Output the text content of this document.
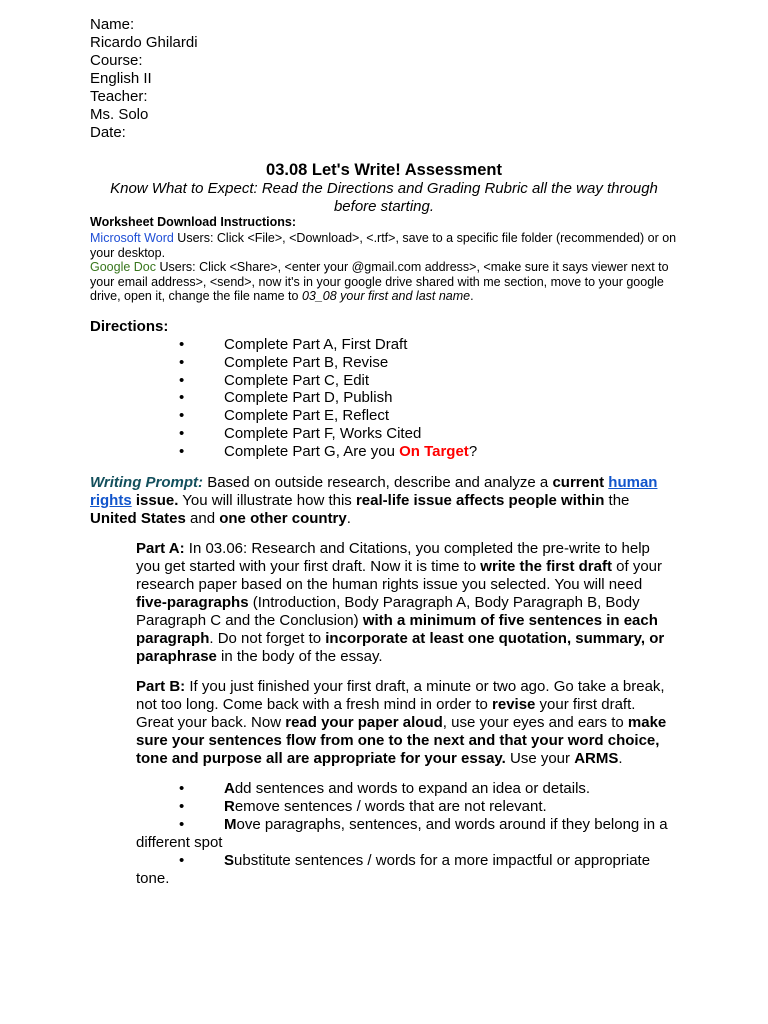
Name:
Ricardo Ghilardi
Course:
English II
Teacher:
Ms. Solo
Date:
03.08 Let's Write! Assessment
Know What to Expect: Read the Directions and Grading Rubric all the way through before starting.
Worksheet Download Instructions:
Microsoft Word Users: Click <File>, <Download>, <.rtf>, save to a specific file folder (recommended) or on your desktop.
Google Doc Users: Click <Share>, <enter your @gmail.com address>, <make sure it says viewer next to your email address>, <send>, now it's in your google drive shared with me section, move to your google drive, open it, change the file name to 03_08 your first and last name.
Directions:
•	Complete Part A, First Draft
•	Complete Part B, Revise
•	Complete Part C, Edit
•	Complete Part D, Publish
•	Complete Part E, Reflect
•	Complete Part F, Works Cited
•	Complete Part G, Are you On Target?
Writing Prompt: Based on outside research, describe and analyze a current human rights issue. You will illustrate how this real-life issue affects people within the United States and one other country.
Part A: In 03.06: Research and Citations, you completed the pre-write to help you get started with your first draft. Now it is time to write the first draft of your research paper based on the human rights issue you selected. You will need five-paragraphs (Introduction, Body Paragraph A, Body Paragraph B, Body Paragraph C and the Conclusion) with a minimum of five sentences in each paragraph. Do not forget to incorporate at least one quotation, summary, or paraphrase in the body of the essay.
Part B: If you just finished your first draft, a minute or two ago. Go take a break, not too long. Come back with a fresh mind in order to revise your first draft. Great your back. Now read your paper aloud, use your eyes and ears to make sure your sentences flow from one to the next and that your word choice, tone and purpose all are appropriate for your essay. Use your ARMS.
•	Add sentences and words to expand an idea or details.
•	Remove sentences / words that are not relevant.
•	Move paragraphs, sentences, and words around if they belong in a different spot
•	Substitute sentences / words for a more impactful or appropriate tone.
